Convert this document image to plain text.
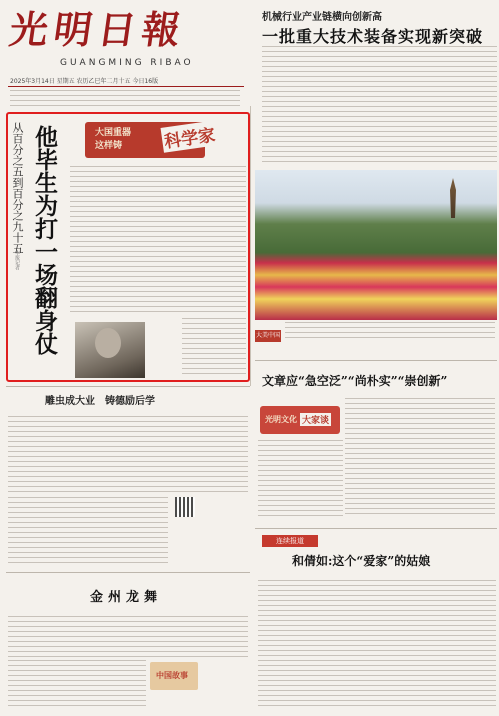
光明日報
GUANGMING RIBAO
2025年3月14日 星期五 农历乙巳年二月十五 今日16版
机械行业产业链横向创新高
一批重大技术装备实现新突破
从百分之五到百分之九十五 他毕生为打一场翻身仗
本报记者
大国重器
这样铸 科学家
大美中国
文章应“急空泛”“尚朴实”“崇创新”
光明文化 大家谈
雕虫成大业　铸德励后学
连续报道
和倩如:这个“爱家”的姑娘
金州龙舞
中国故事
